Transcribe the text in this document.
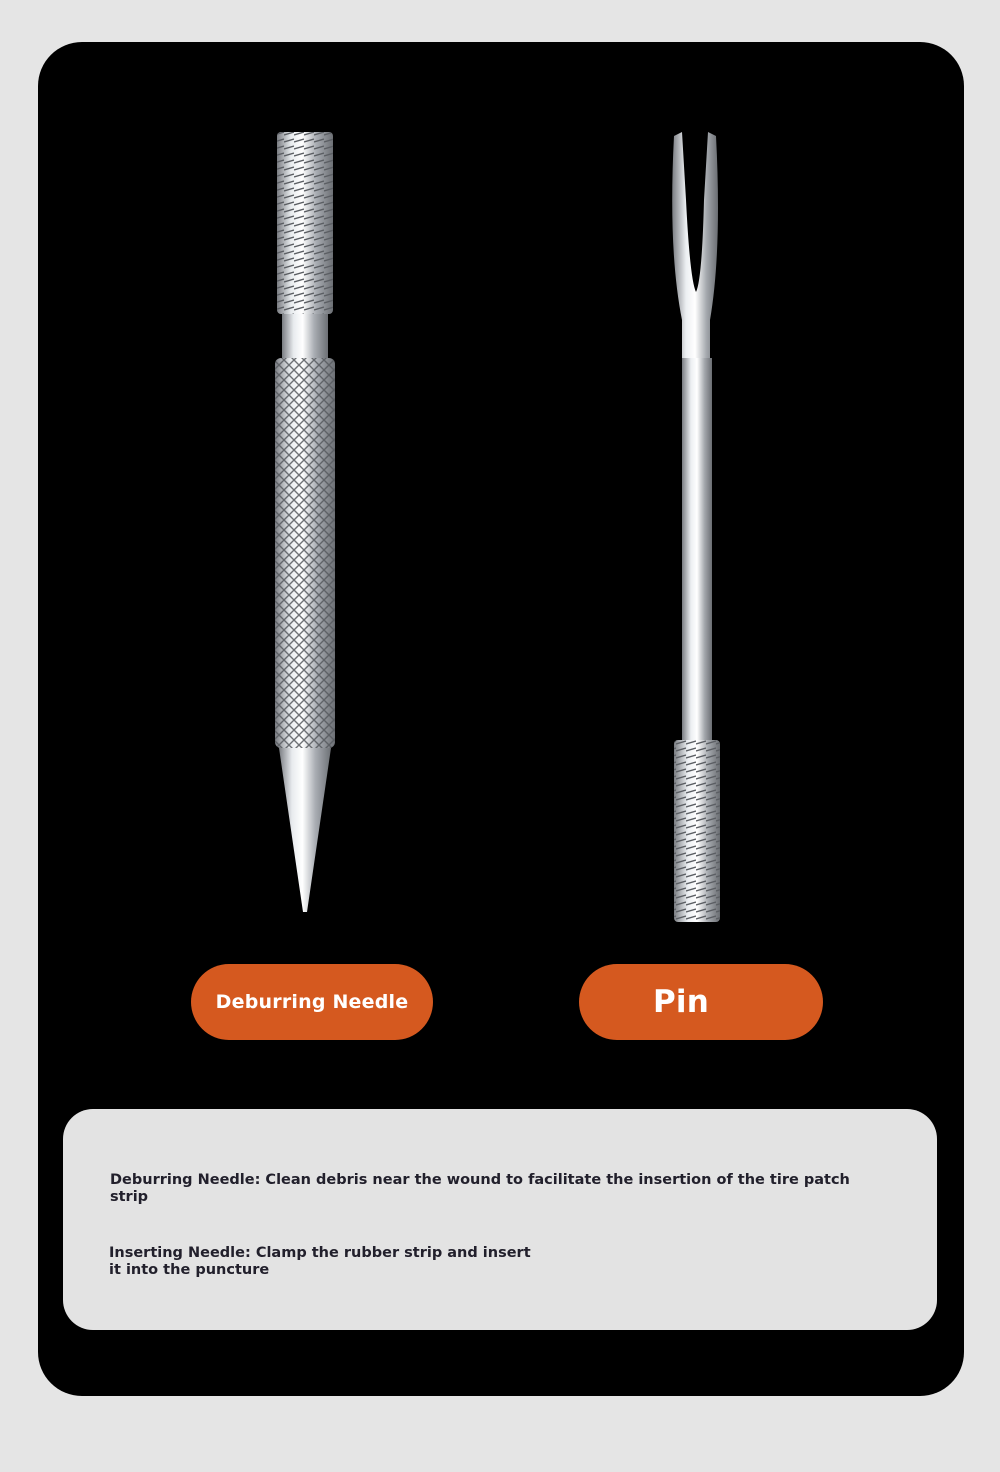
Deburring Needle	Pin
Deburring Needle: Clean debris near the wound to facilitate the insertion of the tire patch strip
Inserting Needle: Clamp the rubber strip and insert it into the puncture
